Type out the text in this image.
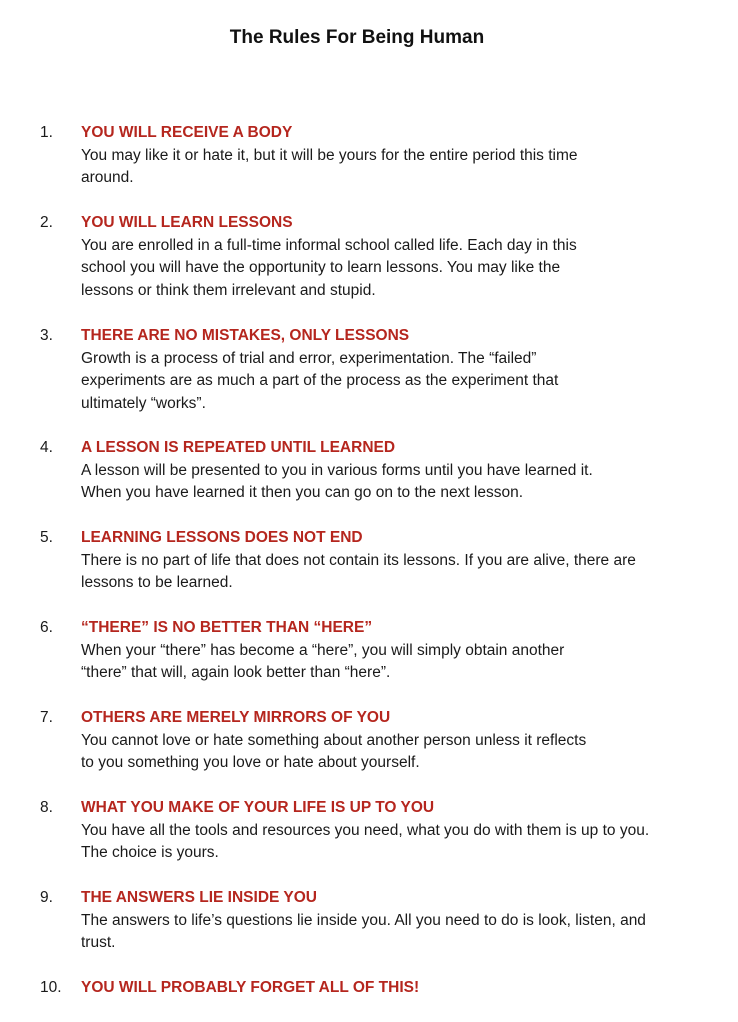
The Rules For Being Human
1. YOU WILL RECEIVE A BODY
You may like it or hate it, but it will be yours for the entire period this time
around.
2. YOU WILL LEARN LESSONS
You are enrolled in a full-time informal school called life. Each day in this
school you will have the opportunity to learn lessons. You may like the
lessons or think them irrelevant and stupid.
3. THERE ARE NO MISTAKES, ONLY LESSONS
Growth is a process of trial and error, experimentation. The “failed”
experiments are as much a part of the process as the experiment that
ultimately “works”.
4. A LESSON IS REPEATED UNTIL LEARNED
A lesson will be presented to you in various forms until you have learned it.
When you have learned it then you can go on to the next lesson.
5. LEARNING LESSONS DOES NOT END
There is no part of life that does not contain its lessons. If you are alive, there are
lessons to be learned.
6. “THERE” IS NO BETTER THAN “HERE”
When your “there” has become a “here”, you will simply obtain another
“there” that will, again look better than “here”.
7. OTHERS ARE MERELY MIRRORS OF YOU
You cannot love or hate something about another person unless it reflects
to you something you love or hate about yourself.
8. WHAT YOU MAKE OF YOUR LIFE IS UP TO YOU
You have all the tools and resources you need, what you do with them is up to you.
The choice is yours.
9. THE ANSWERS LIE INSIDE YOU
The answers to life’s questions lie inside you. All you need to do is look, listen, and
trust.
10. YOU WILL PROBABLY FORGET ALL OF THIS!
